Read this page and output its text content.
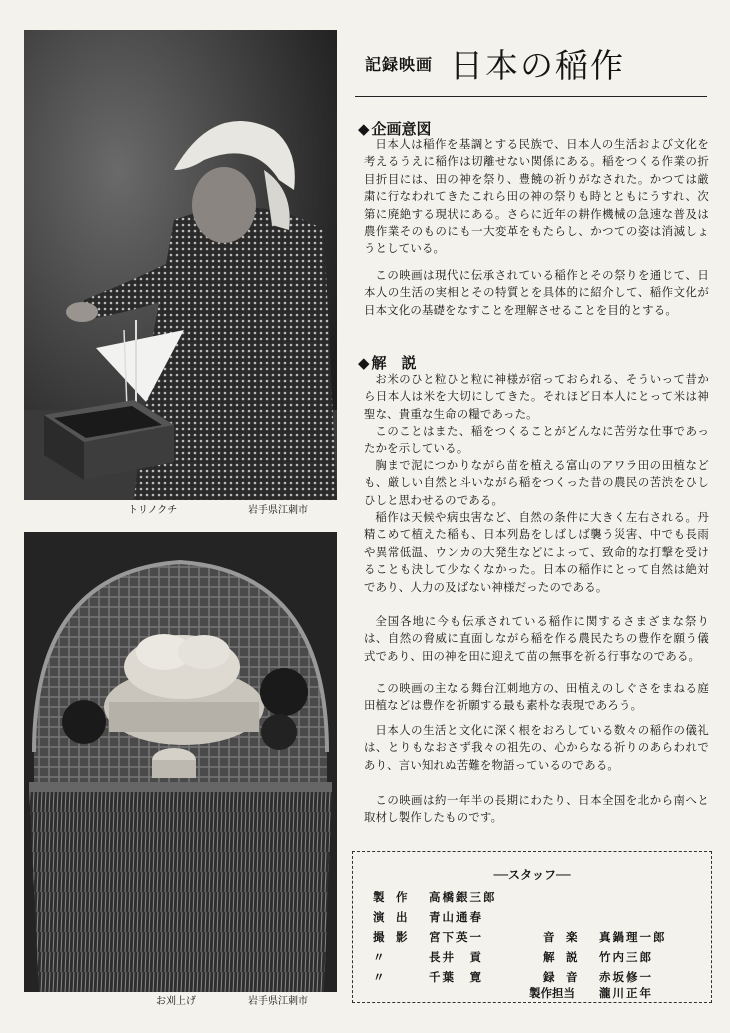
記録映画 日本の稲作
トリノクチ	岩手県江刺市
お刈上げ	岩手県江刺市
◆ 企画意図
日本人は稲作を基調とする民族で、日本人の生活および文化を考えるうえに稲作は切離せない関係にある。稲をつくる作業の折目折目には、田の神を祭り、豊饒の祈りがなされた。かつては厳粛に行なわれてきたこれら田の神の祭りも時とともにうすれ、次第に廃絶する現状にある。さらに近年の耕作機械の急速な普及は農作業そのものにも一大変革をもたらし、かつての姿は消滅しょうとしている。
この映画は現代に伝承されている稲作とその祭りを通じて、日本人の生活の実相とその特質とを具体的に紹介して、稲作文化が日本文化の基礎をなすことを理解させることを目的とする。
◆ 解　説
お米のひと粒ひと粒に神様が宿っておられる、そういって昔から日本人は米を大切にしてきた。それほど日本人にとって米は神聖な、貴重な生命の糧であった。
このことはまた、稲をつくることがどんなに苦労な仕事であったかを示している。
胸まで泥につかりながら苗を植える富山のアワラ田の田植なども、厳しい自然と斗いながら稲をつくった昔の農民の苦渋をひしひしと思わせるのである。
稲作は天候や病虫害など、自然の条件に大きく左右される。丹精こめて植えた稲も、日本列島をしばしば襲う災害、中でも長雨や異常低温、ウンカの大発生などによって、致命的な打撃を受けることも決して少なくなかった。日本の稲作にとって自然は絶対であり、人力の及ばない神様だったのである。
全国各地に今も伝承されている稲作に関するさまざまな祭りは、自然の脅威に直面しながら稲を作る農民たちの豊作を願う儀式であり、田の神を田に迎えて苗の無事を祈る行事なのである。
この映画の主なる舞台江刺地方の、田植えのしぐさをまねる庭田植などは豊作を祈願する最も素朴な表現であろう。
日本人の生活と文化に深く根をおろしている数々の稲作の儀礼は、とりもなおさず我々の祖先の、心からなる祈りのあらわれであり、言い知れぬ苦難を物語っているのである。
この映画は約一年半の長期にわたり、日本全国を北から南へと取材し製作したものです。
──スタッフ──
製　作 高橋銀三郎
演　出 青山通春
撮　影 宮下英一	音　楽 真鍋理一郎
〃	長井　貢	解　説 竹内三郎
〃	千葉　寛	録　音 赤坂修一
製作担当 瀧川正年
